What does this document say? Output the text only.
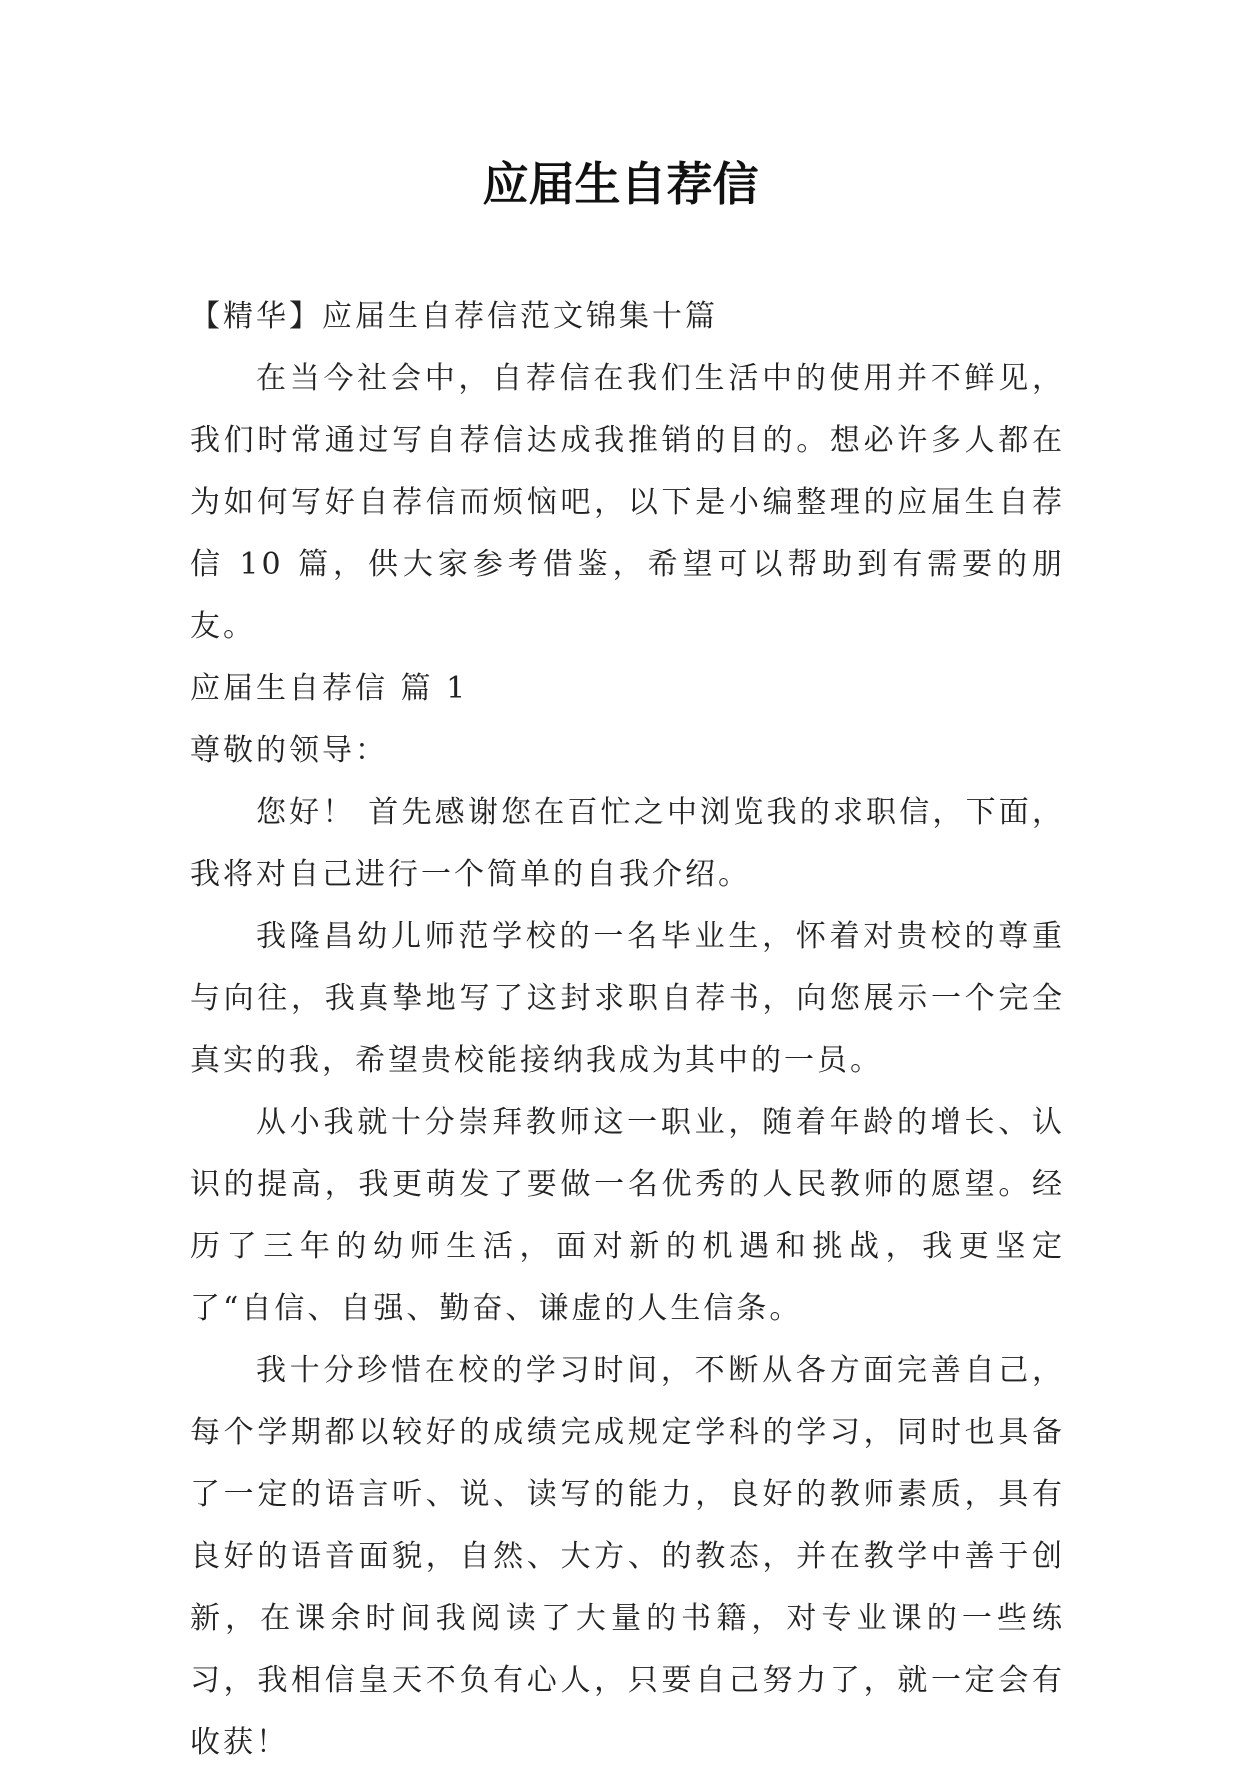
应届生自荐信

【精华】应届生自荐信范文锦集十篇

在当今社会中，自荐信在我们生活中的使用并不鲜见，我们时常通过写自荐信达成我推销的目的。想必许多人都在为如何写好自荐信而烦恼吧，以下是小编整理的应届生自荐信 10 篇，供大家参考借鉴，希望可以帮助到有需要的朋友。

应届生自荐信 篇 1

尊敬的领导：

您好！ 首先感谢您在百忙之中浏览我的求职信，下面，我将对自己进行一个简单的自我介绍。

我隆昌幼儿师范学校的一名毕业生，怀着对贵校的尊重与向往，我真挚地写了这封求职自荐书，向您展示一个完全真实的我，希望贵校能接纳我成为其中的一员。

从小我就十分崇拜教师这一职业，随着年龄的增长、认识的提高，我更萌发了要做一名优秀的人民教师的愿望。经历了三年的幼师生活，面对新的机遇和挑战，我更坚定了“自信、自强、勤奋、谦虚的人生信条。

我十分珍惜在校的学习时间，不断从各方面完善自己，每个学期都以较好的成绩完成规定学科的学习，同时也具备了一定的语言听、说、读写的能力，良好的教师素质，具有良好的语音面貌，自然、大方、的教态，并在教学中善于创新，在课余时间我阅读了大量的书籍，对专业课的一些练习，我相信皇天不负有心人，只要自己努力了，就一定会有收获！
